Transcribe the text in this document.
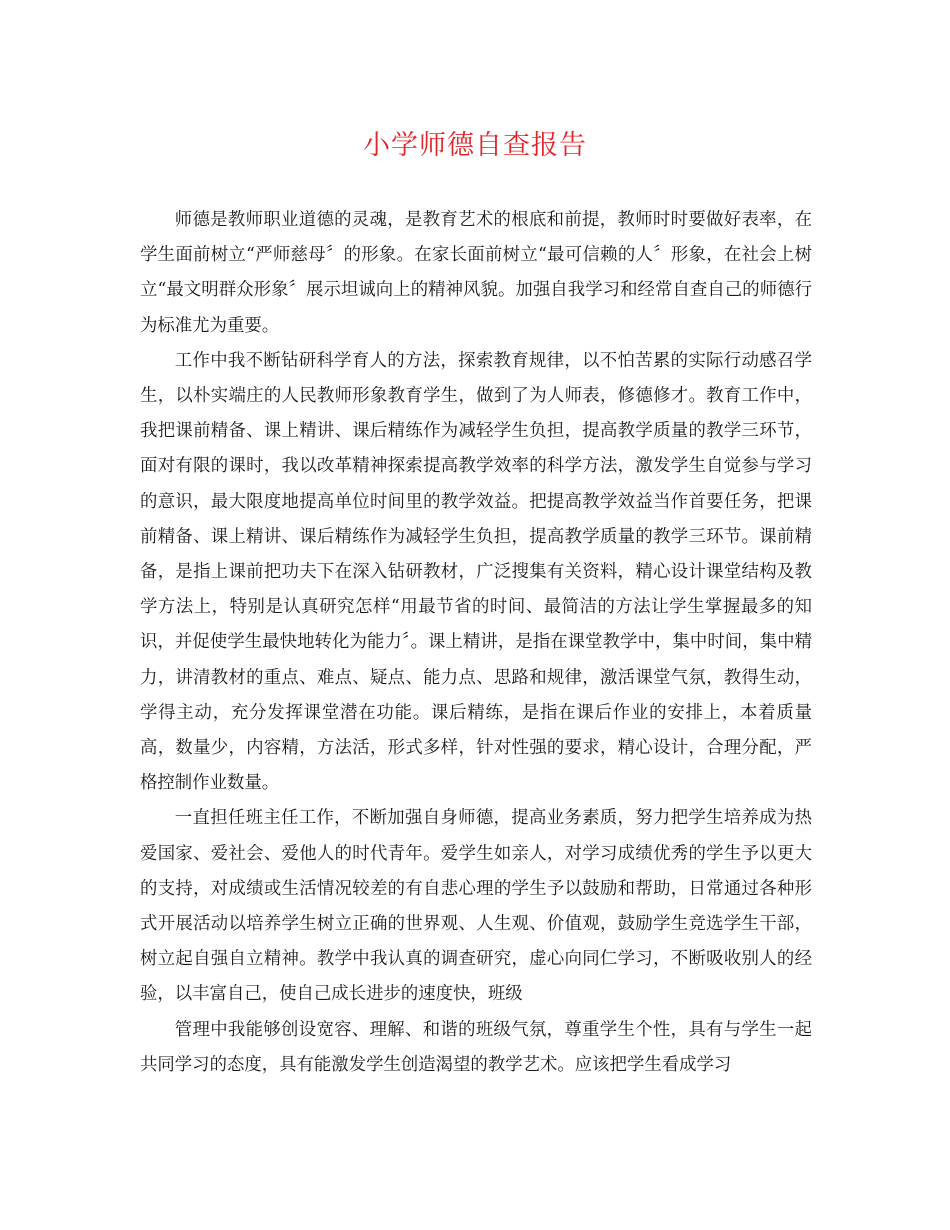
小学师德自查报告

师德是教师职业道德的灵魂，是教育艺术的根底和前提，教师时时要做好表率，在学生面前树立“严师慈母〞的形象。在家长面前树立“最可信赖的人〞形象，在社会上树立“最文明群众形象〞展示坦诚向上的精神风貌。加强自我学习和经常自查自己的师德行为标准尤为重要。

工作中我不断钻研科学育人的方法，探索教育规律，以不怕苦累的实际行动感召学生，以朴实端庄的人民教师形象教育学生，做到了为人师表，修德修才。教育工作中，我把课前精备、课上精讲、课后精练作为减轻学生负担，提高教学质量的教学三环节，面对有限的课时，我以改革精神探索提高教学效率的科学方法，激发学生自觉参与学习的意识，最大限度地提高单位时间里的教学效益。把提高教学效益当作首要任务，把课前精备、课上精讲、课后精练作为减轻学生负担，提高教学质量的教学三环节。课前精备，是指上课前把功夫下在深入钻研教材，广泛搜集有关资料，精心设计课堂结构及教学方法上，特别是认真研究怎样“用最节省的时间、最简洁的方法让学生掌握最多的知识，并促使学生最快地转化为能力〞。课上精讲，是指在课堂教学中，集中时间，集中精力，讲清教材的重点、难点、疑点、能力点、思路和规律，激活课堂气氛，教得生动，学得主动，充分发挥课堂潜在功能。课后精练，是指在课后作业的安排上，本着质量高，数量少，内容精，方法活，形式多样，针对性强的要求，精心设计，合理分配，严格控制作业数量。

一直担任班主任工作，不断加强自身师德，提高业务素质，努力把学生培养成为热爱国家、爱社会、爱他人的时代青年。爱学生如亲人，对学习成绩优秀的学生予以更大的支持，对成绩或生活情况较差的有自悲心理的学生予以鼓励和帮助，日常通过各种形式开展活动以培养学生树立正确的世界观、人生观、价值观，鼓励学生竞选学生干部，树立起自强自立精神。教学中我认真的调查研究，虚心向同仁学习，不断吸收别人的经验，以丰富自己，使自己成长进步的速度快，班级

管理中我能够创设宽容、理解、和谐的班级气氛，尊重学生个性，具有与学生一起共同学习的态度，具有能激发学生创造渴望的教学艺术。应该把学生看成学习
